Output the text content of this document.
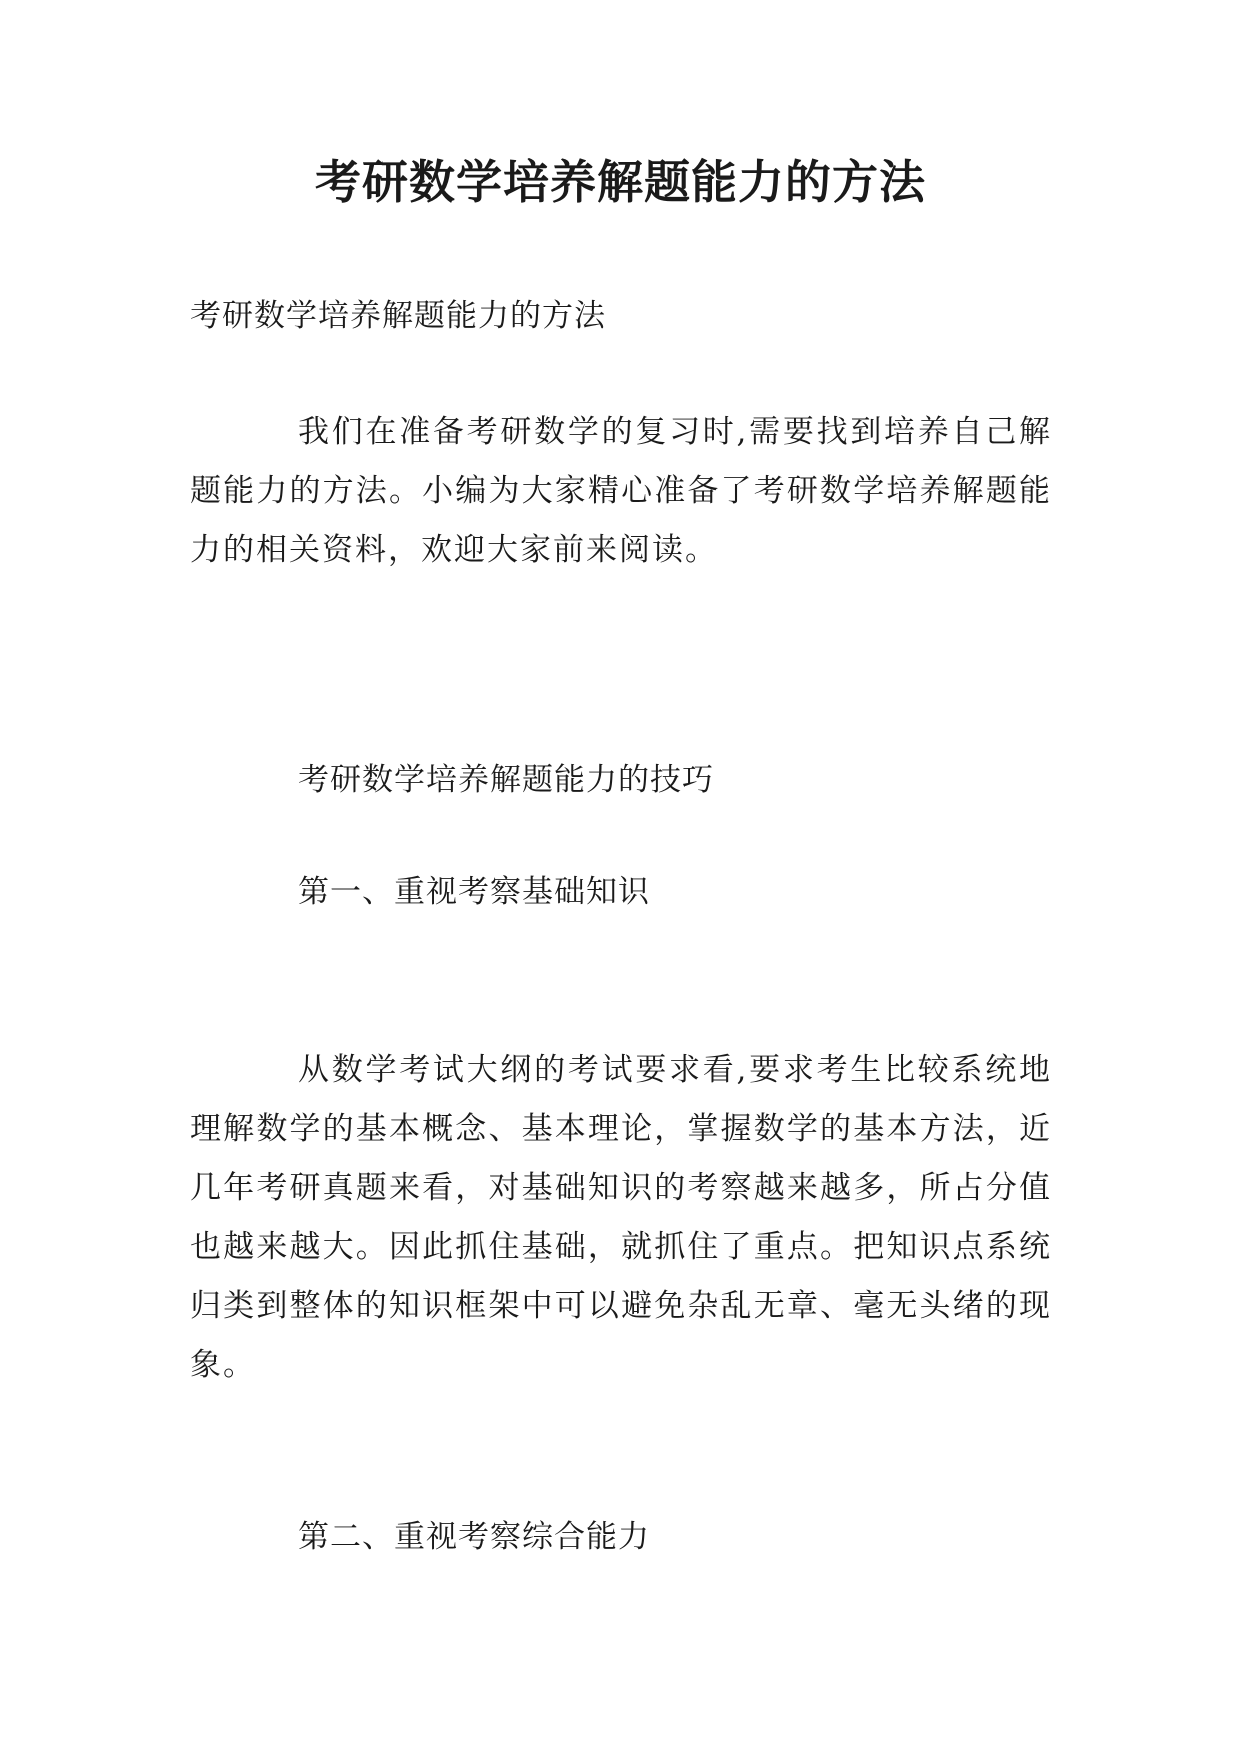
考研数学培养解题能力的方法
考研数学培养解题能力的方法

我们在准备考研数学的复习时,需要找到培养自己解题能力的方法。小编为大家精心准备了考研数学培养解题能力的相关资料，欢迎大家前来阅读。

考研数学培养解题能力的技巧
第一、重视考察基础知识

从数学考试大纲的考试要求看,要求考生比较系统地理解数学的基本概念、基本理论，掌握数学的基本方法，近几年考研真题来看，对基础知识的考察越来越多，所占分值也越来越大。因此抓住基础，就抓住了重点。把知识点系统归类到整体的知识框架中可以避免杂乱无章、毫无头绪的现象。

第二、重视考察综合能力
